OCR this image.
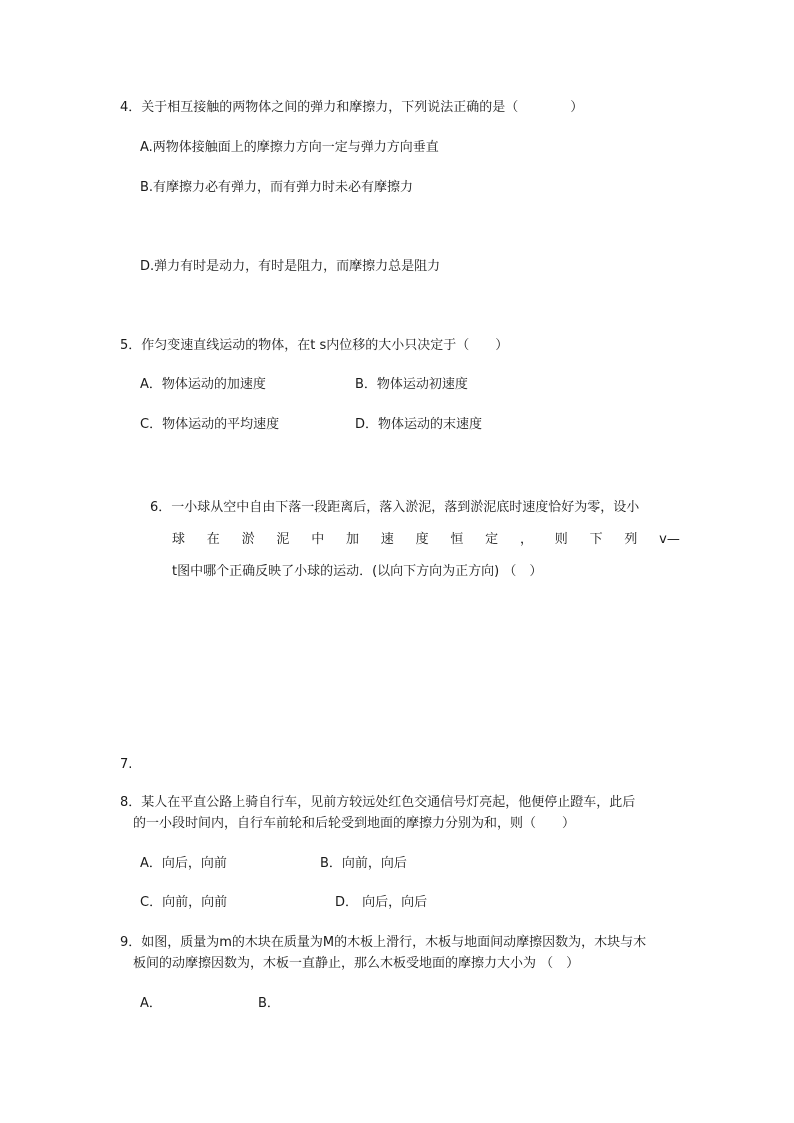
4．关于相互接触的两物体之间的弹力和摩擦力，下列说法正确的是（　　　　）
A.两物体接触面上的摩擦力方向一定与弹力方向垂直
B.有摩擦力必有弹力，而有弹力时未必有摩擦力
D.弹力有时是动力，有时是阻力，而摩擦力总是阻力
5．作匀变速直线运动的物体，在t s内位移的大小只决定于（　　）
A．物体运动的加速度	B．物体运动初速度
C．物体运动的平均速度	D．物体运动的末速度
6．一小球从空中自由下落一段距离后，落入淤泥，落到淤泥底时速度恰好为零，设小
球 在 淤 泥 中 加 速 度 恒 定 ， 则 下 列 v—
t图中哪个正确反映了小球的运动．(以向下方向为正方向) （　）
7.
8．某人在平直公路上骑自行车，见前方较远处红色交通信号灯亮起，他便停止蹬车，此后
的一小段时间内，自行车前轮和后轮受到地面的摩擦力分别为和，则（　　）
A．向后，向前	B．向前，向后
C．向前，向前	D． 向后，向后
9．如图，质量为m的木块在质量为M的木板上滑行，木板与地面间动摩擦因数为，木块与木
板间的动摩擦因数为，木板一直静止，那么木板受地面的摩擦力大小为 （　）
A．	B．
